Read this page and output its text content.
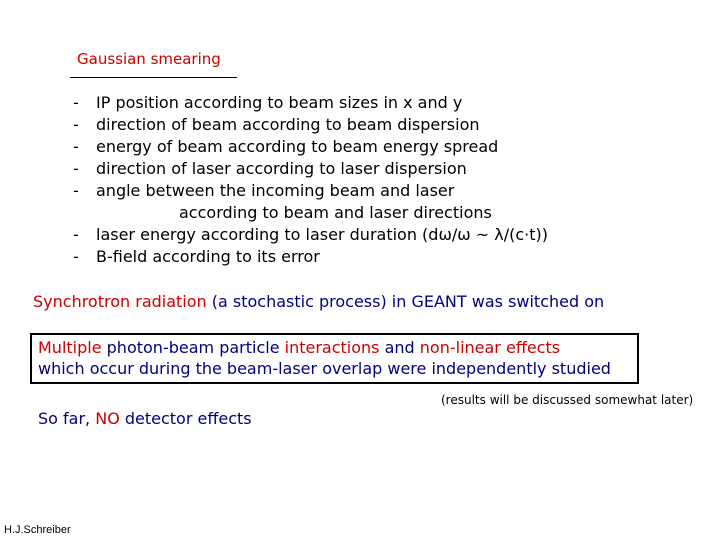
Gaussian smearing
- IP position according to beam sizes in x and y
- direction of beam according to beam dispersion
- energy of beam according to beam energy spread
- direction of laser according to laser dispersion
- angle between the incoming beam and laser
according to beam and laser directions
- laser energy according to laser duration (dω/ω ~ λ/(c·t))
- B-field according to its error
Synchrotron radiation (a stochastic process) in GEANT was switched on
Multiple photon-beam particle interactions and non-linear effects
which occur during the beam-laser overlap were independently studied
So far, NO detector effects
(results will be discussed somewhat later)
H.J.Schreiber
